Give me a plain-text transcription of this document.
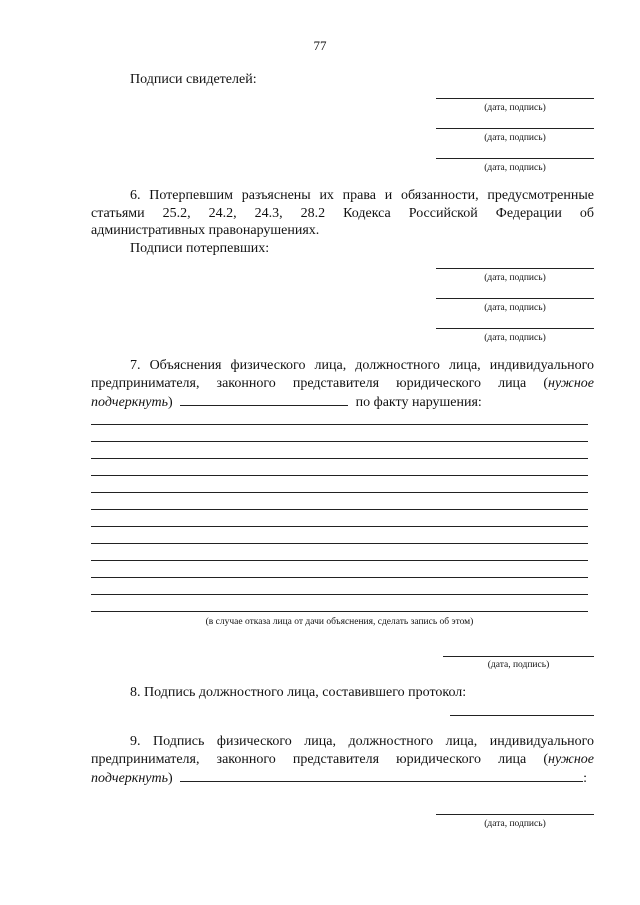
77
Подписи свидетелей:
(дата, подпись)
(дата, подпись)
(дата, подпись)
6. Потерпевшим разъяснены их права и обязанности, предусмотренные
статьями 25.2, 24.2, 24.3, 28.2 Кодекса Российской Федерации об
административных правонарушениях.
Подписи потерпевших:
(дата, подпись)
(дата, подпись)
(дата, подпись)
7. Объяснения физического лица, должностного лица, индивидуального
предпринимателя, законного представителя юридического лица (нужное
подчеркнуть)	по факту нарушения:
(в случае отказа лица от дачи объяснения, сделать запись об этом)
(дата, подпись)
8. Подпись должностного лица, составившего протокол:
9. Подпись физического лица, должностного лица, индивидуального
предпринимателя, законного представителя юридического лица (нужное
подчеркнуть)	:
(дата, подпись)
